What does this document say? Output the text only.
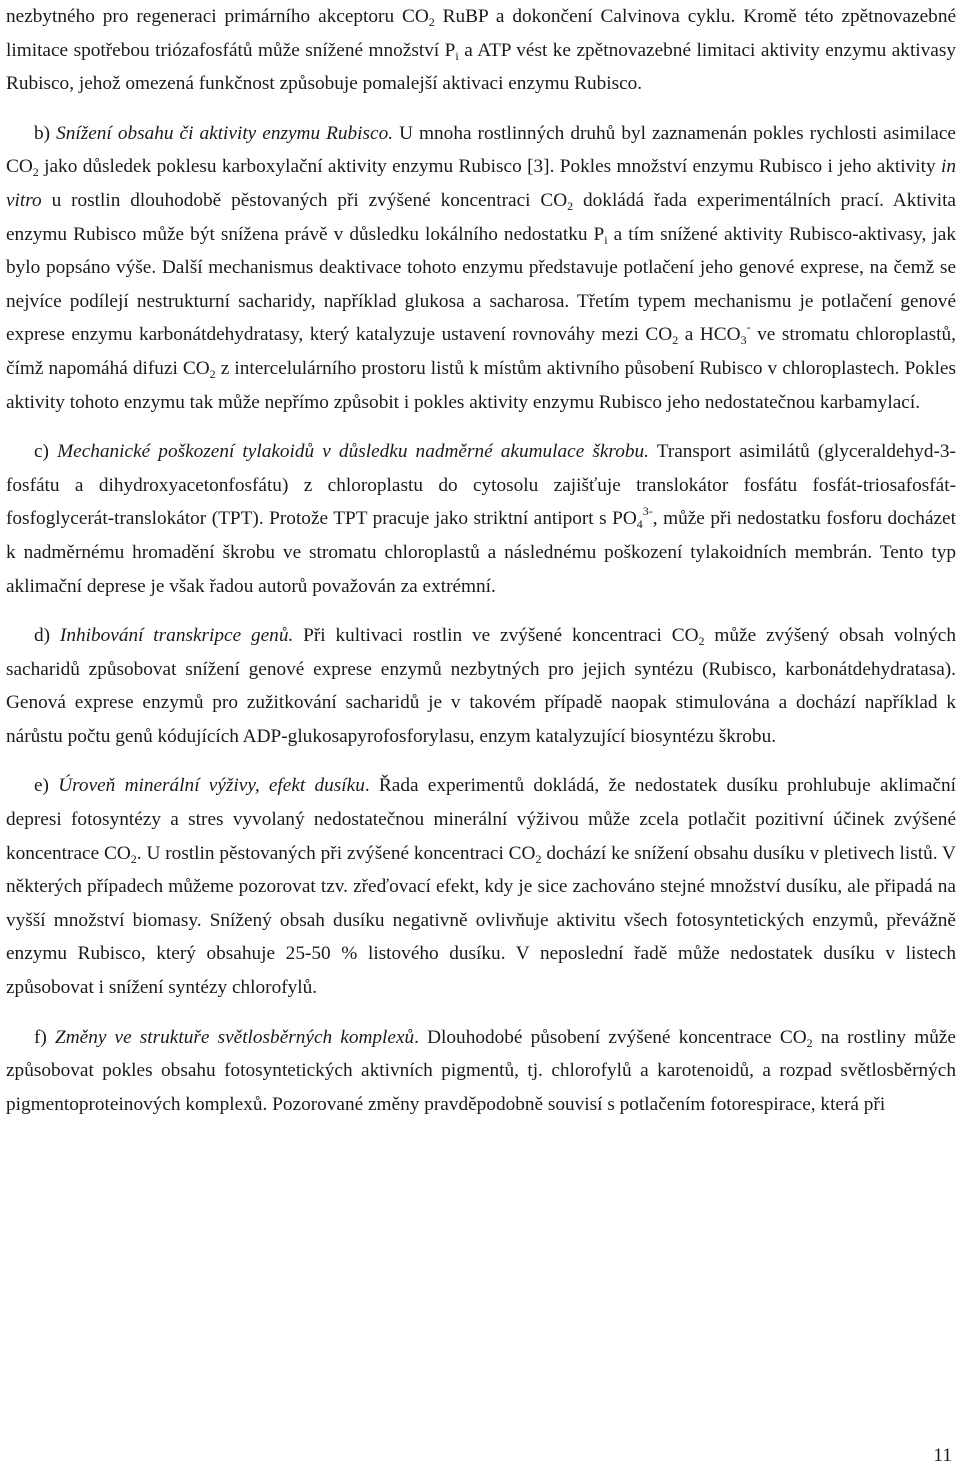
nezbytného pro regeneraci primárního akceptoru $CO_2$ RuBP a dokončení Calvinova cyklu. Kromě této zpětnovazebné limitace spotřebou triózafosfátů může snížené množství $P_i$ a ATP vést ke zpětnovazebné limitaci aktivity enzymu aktivasy Rubisco, jehož omezená funkčnost způsobuje pomalejší aktivaci enzymu Rubisco.

b) Snížení obsahu či aktivity enzymu Rubisco. U mnoha rostlinných druhů byl zaznamenán pokles rychlosti asimilace $CO_2$ jako důsledek poklesu karboxylační aktivity enzymu Rubisco [3]. Pokles množství enzymu Rubisco i jeho aktivity in vitro u rostlin dlouhodobě pěstovaných při zvýšené koncentraci $CO_2$ dokládá řada experimentálních prací. Aktivita enzymu Rubisco může být snížena právě v důsledku lokálního nedostatku $P_i$ a tím snížené aktivity Rubisco-aktivasy, jak bylo popsáno výše. Další mechanismus deaktivace tohoto enzymu představuje potlačení jeho genové exprese, na čemž se nejvíce podílejí nestrukturní sacharidy, například glukosa a sacharosa. Třetím typem mechanismu je potlačení genové exprese enzymu karbonátdehydratasy, který katalyzuje ustavení rovnováhy mezi $CO_2$ a $HCO_3^-$ ve stromatu chloroplastů, čímž napomáhá difuzi $CO_2$ z intercelulárního prostoru listů k místům aktivního působení Rubisco v chloroplastech. Pokles aktivity tohoto enzymu tak může nepřímo způsobit i pokles aktivity enzymu Rubisco jeho nedostatečnou karbamylací.

c) Mechanické poškození tylakoidů v důsledku nadměrné akumulace škrobu. Transport asimilátů (glyceraldehyd-3-fosfátu a dihydroxyacetonfosfátu) z chloroplastu do cytosolu zajišťuje translokátor fosfátu fosfát-triosafosfát-fosfoglycerát-translokátor (TPT). Protože TPT pracuje jako striktní antiport s $PO_4^{3-}$, může při nedostatku fosforu docházet k nadměrnému hromadění škrobu ve stromatu chloroplastů a následnému poškození tylakoidních membrán. Tento typ aklimační deprese je však řadou autorů považován za extrémní.

d) Inhibování transkripce genů. Při kultivaci rostlin ve zvýšené koncentraci $CO_2$ může zvýšený obsah volných sacharidů způsobovat snížení genové exprese enzymů nezbytných pro jejich syntézu (Rubisco, karbonátdehydratasa). Genová exprese enzymů pro zužitkování sacharidů je v takovém případě naopak stimulována a dochází například k nárůstu počtu genů kódujících ADP-glukosapyrofosforylasu, enzym katalyzující biosyntézu škrobu.

e) Úroveň minerální výživy, efekt dusíku. Řada experimentů dokládá, že nedostatek dusíku prohlubuje aklimační depresi fotosyntézy a stres vyvolaný nedostatečnou minerální výživou může zcela potlačit pozitivní účinek zvýšené koncentrace $CO_2$. U rostlin pěstovaných při zvýšené koncentraci $CO_2$ dochází ke snížení obsahu dusíku v pletivech listů. V některých případech můžeme pozorovat tzv. zřeďovací efekt, kdy je sice zachováno stejné množství dusíku, ale připadá na vyšší množství biomasy. Snížený obsah dusíku negativně ovlivňuje aktivitu všech fotosyntetických enzymů, převážně enzymu Rubisco, který obsahuje 25-50 % listového dusíku. V neposlední řadě může nedostatek dusíku v listech způsobovat i snížení syntézy chlorofylů.

f) Změny ve struktuře světlosběrných komplexů. Dlouhodobé působení zvýšené koncentrace $CO_2$ na rostliny může způsobovat pokles obsahu fotosyntetických aktivních pigmentů, tj. chlorofylů a karotenoidů, a rozpad světlosběrných pigmentoproteinových komplexů. Pozorované změny pravděpodobně souvisí s potlačením fotorespirace, která při

11
